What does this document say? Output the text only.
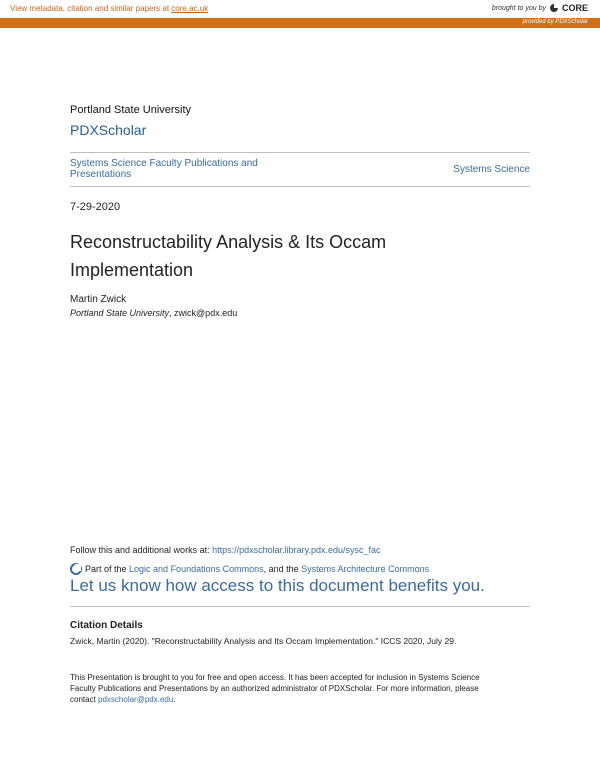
View metadata, citation and similar papers at core.ac.uk	brought to you by CORE
provided by PDXScholar
Portland State University
PDXScholar
Systems Science Faculty Publications and Presentations	Systems Science
7-29-2020
Reconstructability Analysis & Its Occam Implementation
Martin Zwick
Portland State University, zwick@pdx.edu
Follow this and additional works at: https://pdxscholar.library.pdx.edu/sysc_fac
Part of the Logic and Foundations Commons, and the Systems Architecture Commons
Let us know how access to this document benefits you.
Citation Details
Zwick, Martin (2020). "Reconstructability Analysis and Its Occam Implementation." ICCS 2020, July 29.
This Presentation is brought to you for free and open access. It has been accepted for inclusion in Systems Science Faculty Publications and Presentations by an authorized administrator of PDXScholar. For more information, please contact pdxscholar@pdx.edu.
